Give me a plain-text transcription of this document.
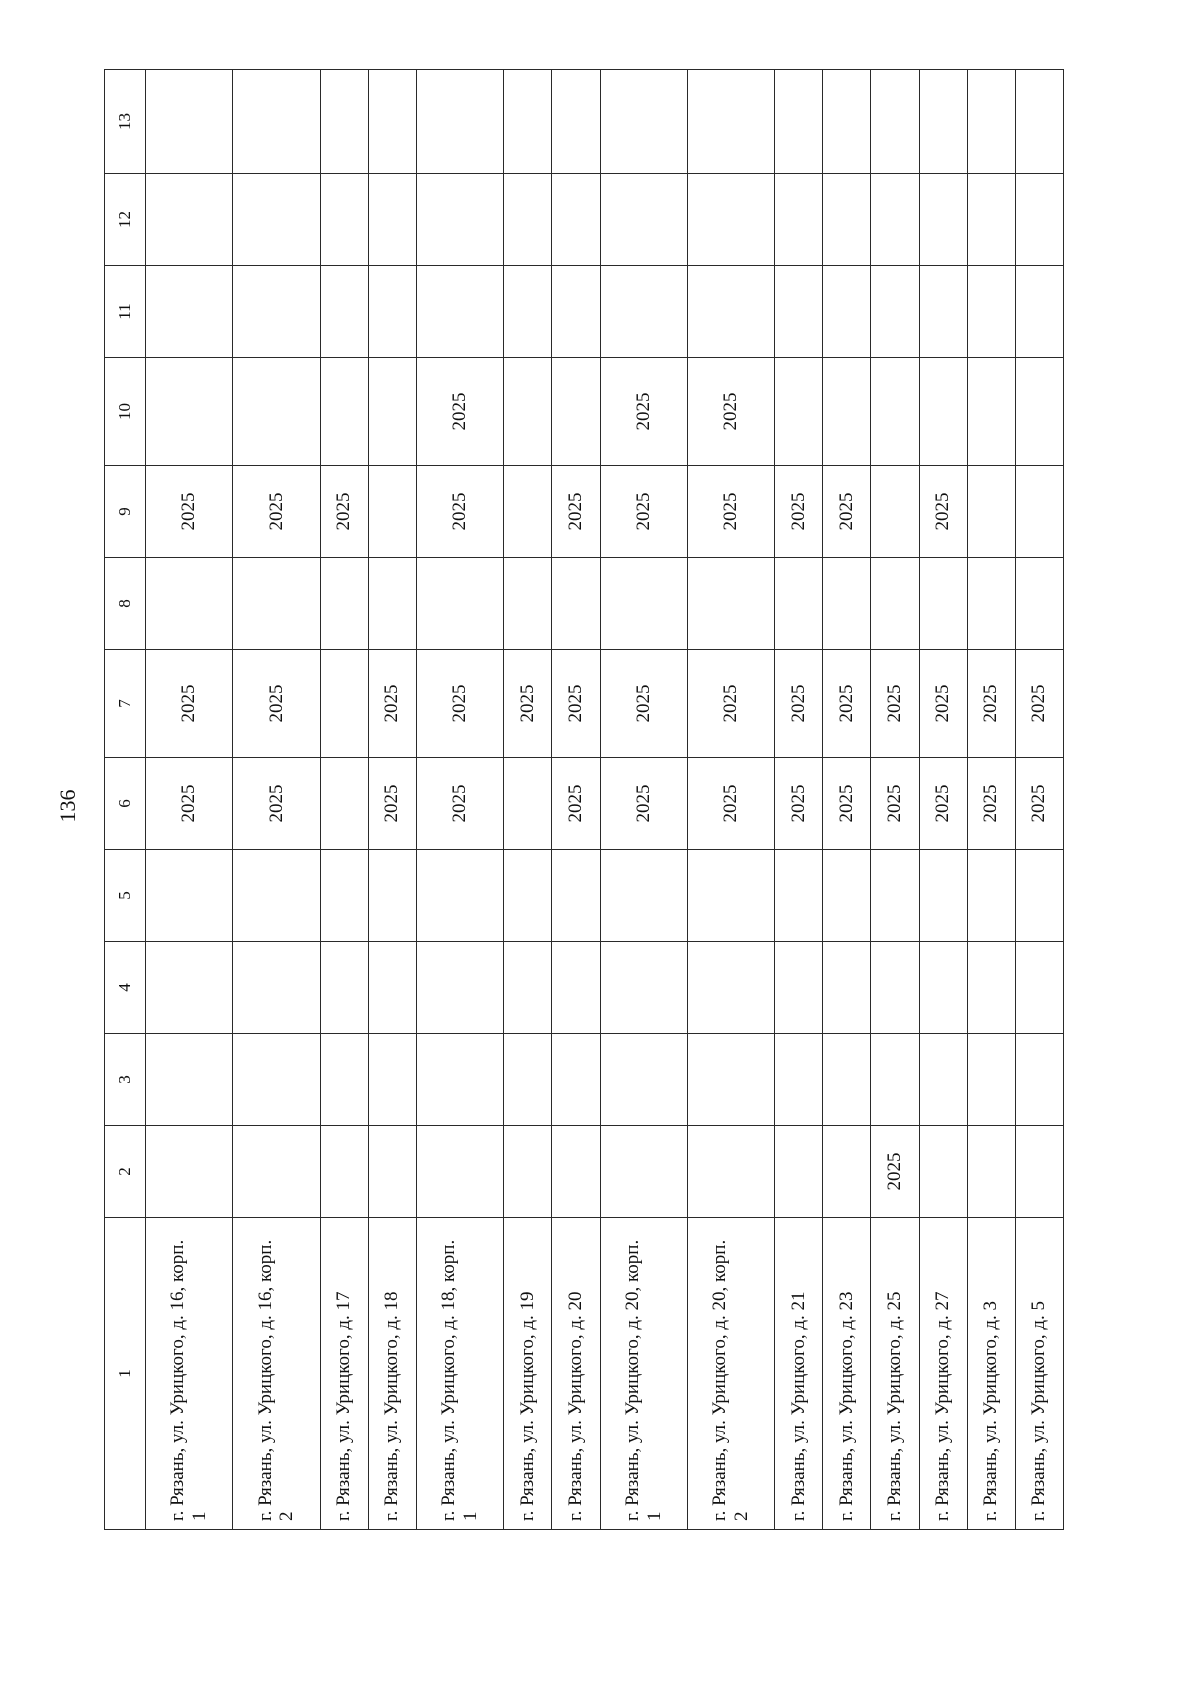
136
1	2	3	4	5	6	7	8	9	10	11	12	13
г. Рязань, ул. Урицкого, д. 16, корп. 1					2025	2025		2025				
г. Рязань, ул. Урицкого, д. 16, корп. 2					2025	2025		2025				
г. Рязань, ул. Урицкого, д. 17								2025				
г. Рязань, ул. Урицкого, д. 18					2025	2025						
г. Рязань, ул. Урицкого, д. 18, корп. 1					2025	2025		2025	2025			
г. Рязань, ул. Урицкого, д. 19						2025						
г. Рязань, ул. Урицкого, д. 20					2025	2025		2025				
г. Рязань, ул. Урицкого, д. 20, корп. 1					2025	2025		2025	2025			
г. Рязань, ул. Урицкого, д. 20, корп. 2					2025	2025		2025	2025			
г. Рязань, ул. Урицкого, д. 21					2025	2025		2025				
г. Рязань, ул. Урицкого, д. 23					2025	2025		2025				
г. Рязань, ул. Урицкого, д. 25	2025				2025	2025						
г. Рязань, ул. Урицкого, д. 27					2025	2025		2025				
г. Рязань, ул. Урицкого, д. 3					2025	2025						
г. Рязань, ул. Урицкого, д. 5					2025	2025						
